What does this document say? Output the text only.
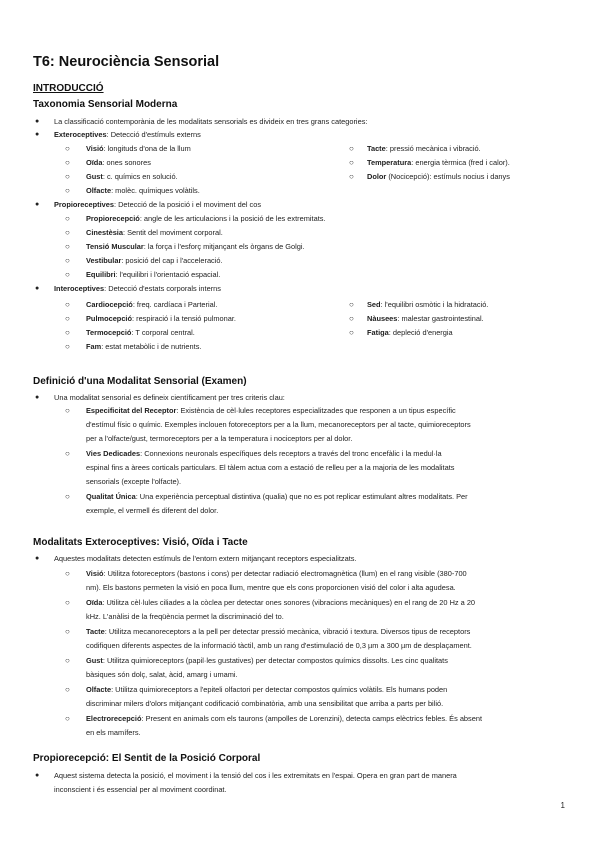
T6: Neurociència Sensorial
INTRODUCCIÓ
Taxonomia Sensorial Moderna
● La classificació contemporània de les modalitats sensorials es divideix en tres grans categories:
● Exteroceptives: Detecció d'estímuls externs
○ Visió: longituds d'ona de la llum
○ Oïda: ones sonores
○ Gust: c. químics en solució.
○ Olfacte: molèc. químiques volàtils.
○ Tacte: pressió mecànica i vibració.
○ Temperatura: energia tèrmica (fred i calor).
○ Dolor (Nocicepció): estímuls nocius i danys
● Propioreceptives: Detecció de la posició i el moviment del cos
○ Propiorecepció: angle de les articulacions i la posició de les extremitats.
○ Cinestèsia: Sentit del moviment corporal.
○ Tensió Muscular: la força i l'esforç mitjançant els òrgans de Golgi.
○ Vestibular: posició del cap i l'acceleració.
○ Equilibri: l'equilibri i l'orientació espacial.
● Interoceptives: Detecció d'estats corporals interns
○ Cardiocepció: freq. cardíaca i Parterial.
○ Pulmocepció: respiració i la tensió pulmonar.
○ Termocepció: T corporal central.
○ Fam: estat metabòlic i de nutrients.
○ Sed: l'equilibri osmòtic i la hidratació.
○ Nàusees: malestar gastrointestinal.
○ Fatiga: depleció d'energia
Definició d'una Modalitat Sensorial (Examen)
● Una modalitat sensorial es defineix científicament per tres criteris clau:
○ Especificitat del Receptor: Existència de cèl·lules receptores especialitzades que responen a un tipus específic
d'estímul físic o químic. Exemples inclouen fotoreceptors per a la llum, mecanoreceptors per al tacte, quimioreceptors
per a l'olfacte/gust, termoreceptors per a la temperatura i nociceptors per al dolor.
○ Vies Dedicades: Connexions neuronals específiques dels receptors a través del tronc encefàlic i la medul·la
espinal fins a àrees corticals particulars. El tàlem actua com a estació de relleu per a la majoria de les modalitats
sensorials (excepte l'olfacte).
○ Qualitat Única: Una experiència perceptual distintiva (qualia) que no es pot replicar estimulant altres modalitats. Per
exemple, el vermell és diferent del dolor.
Modalitats Exteroceptives: Visió, Oïda i Tacte
● Aquestes modalitats detecten estímuls de l'entorn extern mitjançant receptors especialitzats.
○ Visió: Utilitza fotoreceptors (bastons i cons) per detectar radiació electromagnètica (llum) en el rang visible (380-700
nm). Els bastons permeten la visió en poca llum, mentre que els cons proporcionen visió del color i alta agudesa.
○ Oïda: Utilitza cèl·lules ciliades a la còclea per detectar ones sonores (vibracions mecàniques) en el rang de 20 Hz a 20
kHz. L'anàlisi de la freqüència permet la discriminació del to.
○ Tacte: Utilitza mecanoreceptors a la pell per detectar pressió mecànica, vibració i textura. Diversos tipus de receptors
codifiquen diferents aspectes de la informació tàctil, amb un rang d'estimulació de 0,3 µm a 300 µm de desplaçament.
○ Gust: Utilitza quimioreceptors (papil·les gustatives) per detectar compostos químics dissolts. Les cinc qualitats
bàsiques són dolç, salat, àcid, amarg i umami.
○ Olfacte: Utilitza quimioreceptors a l'epiteli olfactori per detectar compostos químics volàtils. Els humans poden
discriminar milers d'olors mitjançant codificació combinatòria, amb una sensibilitat que arriba a parts per bilió.
○ Electrorecepció: Present en animals com els taurons (ampolles de Lorenzini), detecta camps elèctrics febles. És absent
en els mamífers.
Propiorecepció: El Sentit de la Posició Corporal
● Aquest sistema detecta la posició, el moviment i la tensió del cos i les extremitats en l'espai. Opera en gran part de manera
inconscient i és essencial per al moviment coordinat.
1
